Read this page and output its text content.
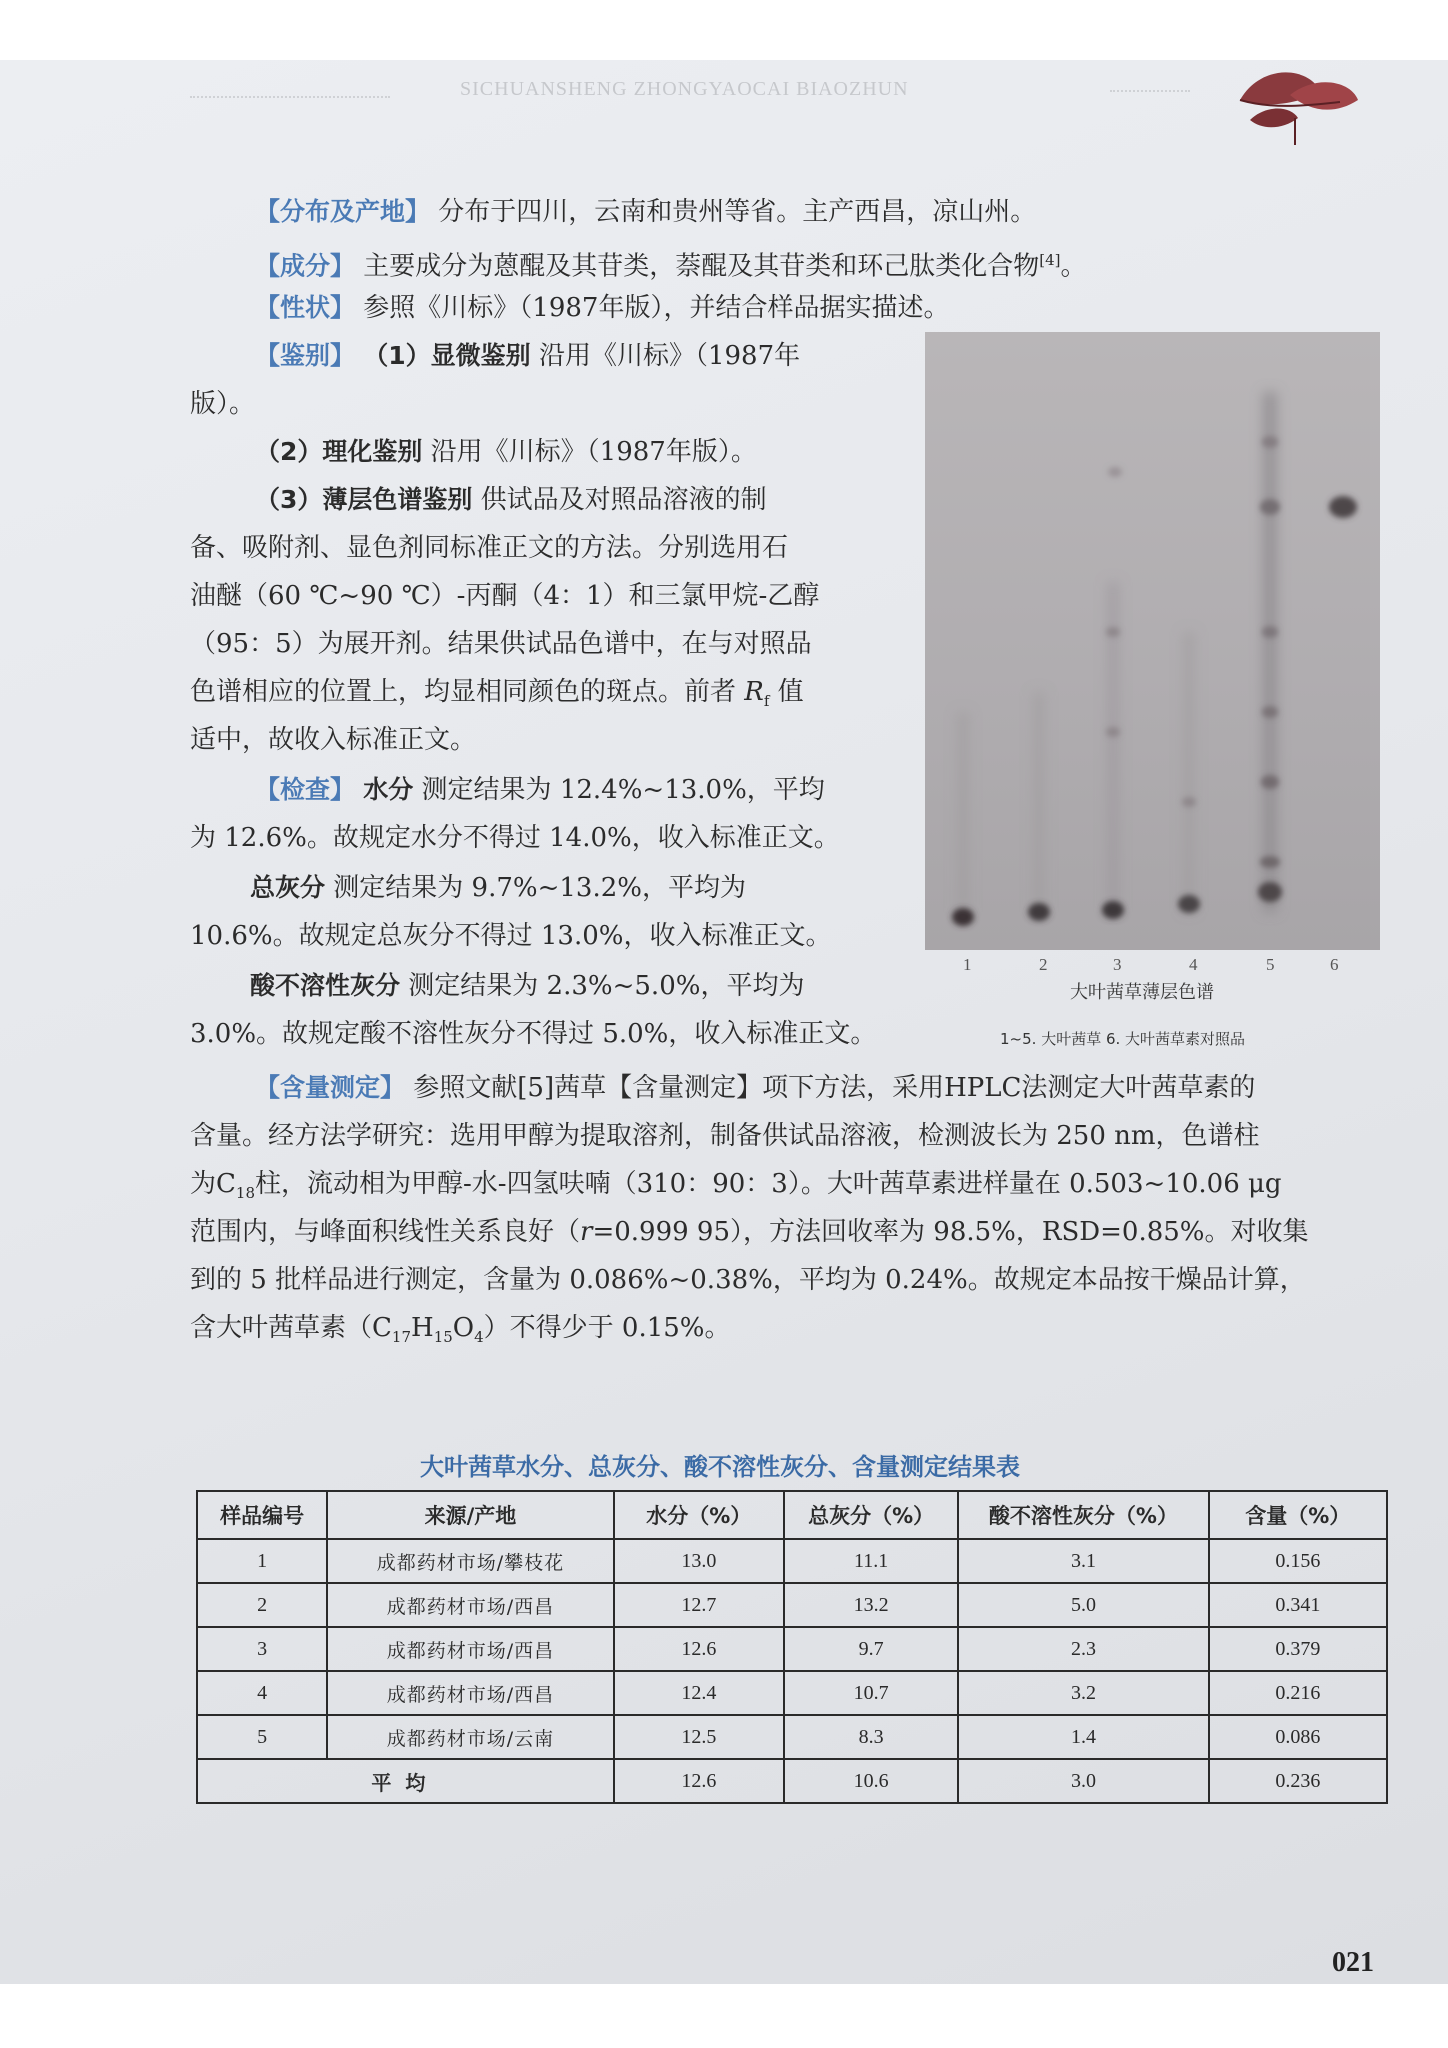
SICHUANSHENG ZHONGYAOCAI BIAOZHUN
【分布及产地】 分布于四川，云南和贵州等省。主产西昌，凉山州。
【成分】 主要成分为蒽醌及其苷类，萘醌及其苷类和环己肽类化合物[4]。
【性状】 参照《川标》（1987年版），并结合样品据实描述。
【鉴别】 （1）显微鉴别 沿用《川标》（1987年
版）。
（2）理化鉴别 沿用《川标》（1987年版）。
（3）薄层色谱鉴别 供试品及对照品溶液的制
备、吸附剂、显色剂同标准正文的方法。分别选用石
油醚（60 ℃~90 ℃）-丙酮（4：1）和三氯甲烷-乙醇
（95：5）为展开剂。结果供试品色谱中，在与对照品
色谱相应的位置上，均显相同颜色的斑点。前者 $R_f$ 值
适中，故收入标准正文。
【检查】 水分 测定结果为 12.4%~13.0%，平均
为 12.6%。故规定水分不得过 14.0%，收入标准正文。
总灰分 测定结果为 9.7%~13.2%，平均为
10.6%。故规定总灰分不得过 13.0%，收入标准正文。
酸不溶性灰分 测定结果为 2.3%~5.0%，平均为
3.0%。故规定酸不溶性灰分不得过 5.0%，收入标准正文。
1	2	3	4	5	6
大叶茜草薄层色谱
1~5. 大叶茜草 6. 大叶茜草素对照品
【含量测定】 参照文献[5]茜草【含量测定】项下方法，采用HPLC法测定大叶茜草素的
含量。经方法学研究：选用甲醇为提取溶剂，制备供试品溶液，检测波长为 250 nm，色谱柱
为$C_{18}$柱，流动相为甲醇-水-四氢呋喃（310：90：3）。大叶茜草素进样量在 0.503~10.06 μg
范围内，与峰面积线性关系良好（r=0.999 95），方法回收率为 98.5%，RSD=0.85%。对收集
到的 5 批样品进行测定，含量为 0.086%~0.38%，平均为 0.24%。故规定本品按干燥品计算，
含大叶茜草素$(C_{17}H_{15}O_4)$不得少于 0.15%。
大叶茜草水分、总灰分、酸不溶性灰分、含量测定结果表
样品编号	来源/产地	水分（%）	总灰分（%）	酸不溶性灰分（%）	含量（%）
1	成都药材市场/攀枝花	13.0	11.1	3.1	0.156
2	成都药材市场/西昌	12.7	13.2	5.0	0.341
3	成都药材市场/西昌	12.6	9.7	2.3	0.379
4	成都药材市场/西昌	12.4	10.7	3.2	0.216
5	成都药材市场/云南	12.5	8.3	1.4	0.086
平均		12.6	10.6	3.0	0.236
021
